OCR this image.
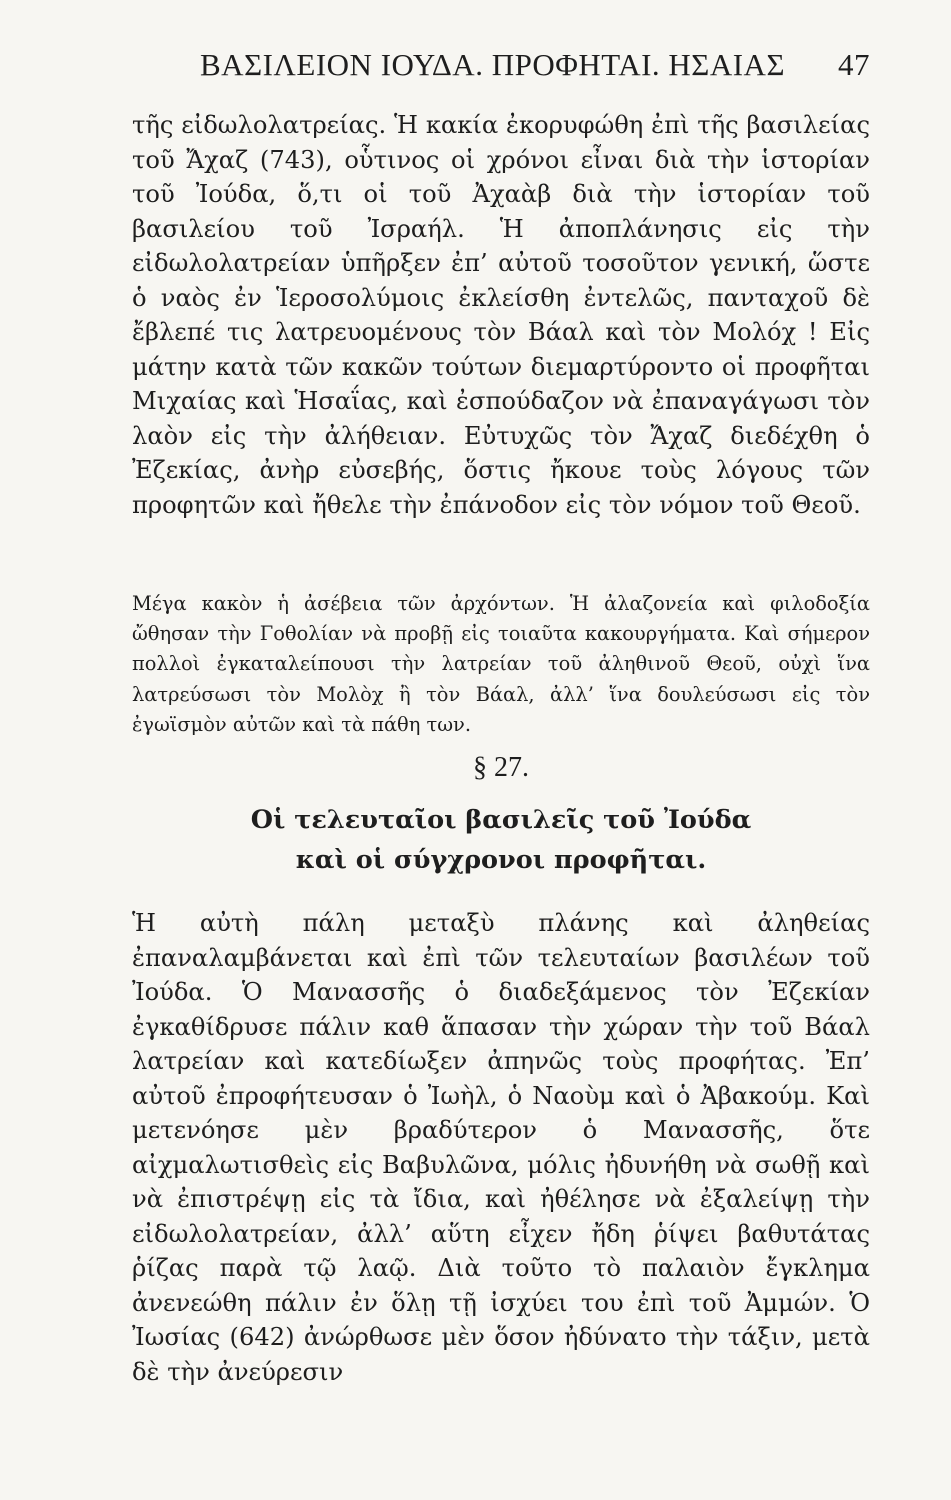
ΒΑΣΙΛΕΙΟΝ ΙΟΥΔΑ. ΠΡΟΦΗΤΑΙ. ΗΣΑΙΑΣ 47

τῆς εἰδωλολατρείας. Ἡ κακία ἐκορυφώθη ἐπὶ τῆς βασιλείας τοῦ Ἄχαζ (743), οὗτινος οἱ χρόνοι εἶναι διὰ τὴν ἱστορίαν τοῦ Ἰούδα, ὅ,τι οἱ τοῦ Ἀχαὰβ διὰ τὴν ἱστορίαν τοῦ βασιλείου τοῦ Ἰσραήλ. Ἡ ἀποπλάνησις εἰς τὴν εἰδωλολατρείαν ὑπῆρξεν ἐπ’ αὐτοῦ τοσοῦτον γενική, ὥστε ὁ ναὸς ἐν Ἱεροσολύμοις ἐκλείσθη ἐντελῶς, πανταχοῦ δὲ ἔβλεπέ τις λατρευομένους τὸν Βάαλ καὶ τὸν Μολόχ ! Εἰς μάτην κατὰ τῶν κακῶν τούτων διεμαρτύροντο οἱ προφῆται Μιχαίας καὶ Ἡσαΐας, καὶ ἐσπούδαζον νὰ ἐπαναγάγωσι τὸν λαὸν εἰς τὴν ἀλήθειαν. Εὐτυχῶς τὸν Ἄχαζ διεδέχθη ὁ Ἐζεκίας, ἀνὴρ εὐσεβής, ὅστις ἤκουε τοὺς λόγους τῶν προφητῶν καὶ ἤθελε τὴν ἐπάνοδον εἰς τὸν νόμον τοῦ Θεοῦ.

Μέγα κακὸν ἡ ἀσέβεια τῶν ἀρχόντων. Ἡ ἀλαζονεία καὶ φιλοδοξία ὤθησαν τὴν Γοθολίαν νὰ προβῇ εἰς τοιαῦτα κακουργήματα. Καὶ σήμερον πολλοὶ ἐγκαταλείπουσι τὴν λατρείαν τοῦ ἀληθινοῦ Θεοῦ, οὐχὶ ἵνα λατρεύσωσι τὸν Μολὸχ ἢ τὸν Βάαλ, ἀλλ’ ἵνα δουλεύσωσι εἰς τὸν ἐγωϊσμὸν αὐτῶν καὶ τὰ πάθη των.

§ 27.

Οἱ τελευταῖοι βασιλεῖς τοῦ Ἰούδα
καὶ οἱ σύγχρονοι προφῆται.

Ἡ αὐτὴ πάλη μεταξὺ πλάνης καὶ ἀληθείας ἐπαναλαμβάνεται καὶ ἐπὶ τῶν τελευταίων βασιλέων τοῦ Ἰούδα. Ὁ Μανασσῆς ὁ διαδεξάμενος τὸν Ἐζεκίαν ἐγκαθίδρυσε πάλιν καθ ἅπασαν τὴν χώραν τὴν τοῦ Βάαλ λατρείαν καὶ κατεδίωξεν ἀπηνῶς τοὺς προφήτας. Ἐπ’ αὐτοῦ ἐπροφήτευσαν ὁ Ἰωὴλ, ὁ Ναοὺμ καὶ ὁ Ἀβακούμ. Καὶ μετενόησε μὲν βραδύτερον ὁ Μανασσῆς, ὅτε αἰχμαλωτισθεὶς εἰς Βαβυλῶνα, μόλις ἠδυνήθη νὰ σωθῇ καὶ νὰ ἐπιστρέψῃ εἰς τὰ ἴδια, καὶ ἠθέλησε νὰ ἐξαλείψῃ τὴν εἰδωλολατρείαν, ἀλλ’ αὕτη εἶχεν ἤδη ῥίψει βαθυτάτας ῥίζας παρὰ τῷ λαῷ. Διὰ τοῦτο τὸ παλαιὸν ἔγκλημα ἀνενεώθη πάλιν ἐν ὅλῃ τῇ ἰσχύει του ἐπὶ τοῦ Ἀμμών. Ὁ Ἰωσίας (642) ἀνώρθωσε μὲν ὅσον ἠδύνατο τὴν τάξιν, μετὰ δὲ τὴν ἀνεύρεσιν
